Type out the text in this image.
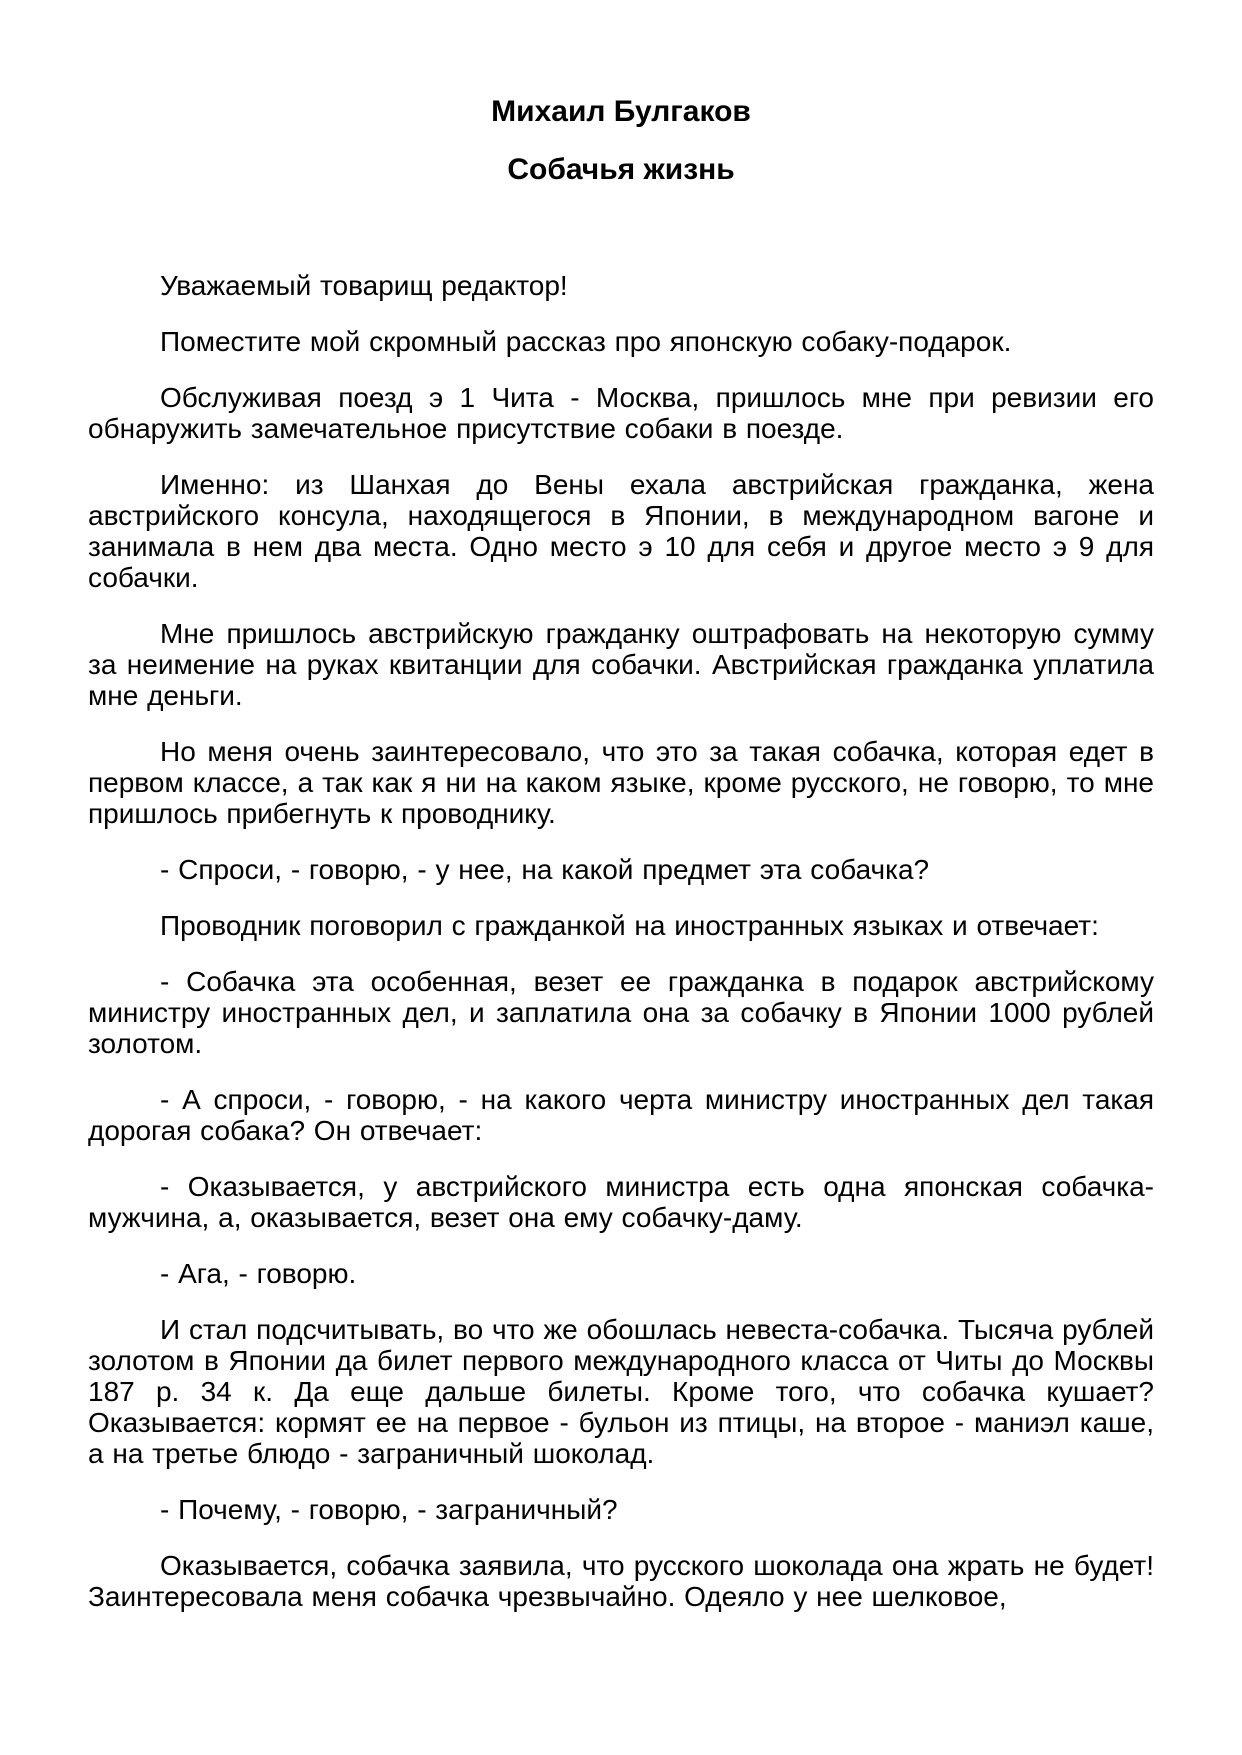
Михаил Булгаков
Собачья жизнь

Уважаемый товарищ редактор!

Поместите мой скромный рассказ про японскую собаку-подарок.

Обслуживая поезд э 1 Чита - Москва, пришлось мне при ревизии его обнаружить замечательное присутствие собаки в поезде.

Именно: из Шанхая до Вены ехала австрийская гражданка, жена австрийского консула, находящегося в Японии, в международном вагоне и занимала в нем два места. Одно место э 10 для себя и другое место э 9 для собачки.

Мне пришлось австрийскую гражданку оштрафовать на некоторую сумму за неимение на руках квитанции для собачки. Австрийская гражданка уплатила мне деньги.

Но меня очень заинтересовало, что это за такая собачка, которая едет в первом классе, а так как я ни на каком языке, кроме русского, не говорю, то мне пришлось прибегнуть к проводнику.

- Спроси, - говорю, - у нее, на какой предмет эта собачка?

Проводник поговорил с гражданкой на иностранных языках и отвечает:

- Собачка эта особенная, везет ее гражданка в подарок австрийскому министру иностранных дел, и заплатила она за собачку в Японии 1000 рублей золотом.

- А спроси, - говорю, - на какого черта министру иностранных дел такая дорогая собака? Он отвечает:

- Оказывается, у австрийского министра есть одна японская собачка-мужчина, а, оказывается, везет она ему собачку-даму.

- Ага, - говорю.

И стал подсчитывать, во что же обошлась невеста-собачка. Тысяча рублей золотом в Японии да билет первого международного класса от Читы до Москвы 187 р. 34 к. Да еще дальше билеты. Кроме того, что собачка кушает? Оказывается: кормят ее на первое - бульон из птицы, на второе - маниэл каше, а на третье блюдо - заграничный шоколад.

- Почему, - говорю, - заграничный?

Оказывается, собачка заявила, что русского шоколада она жрать не будет! Заинтересовала меня собачка чрезвычайно. Одеяло у нее шелковое,
